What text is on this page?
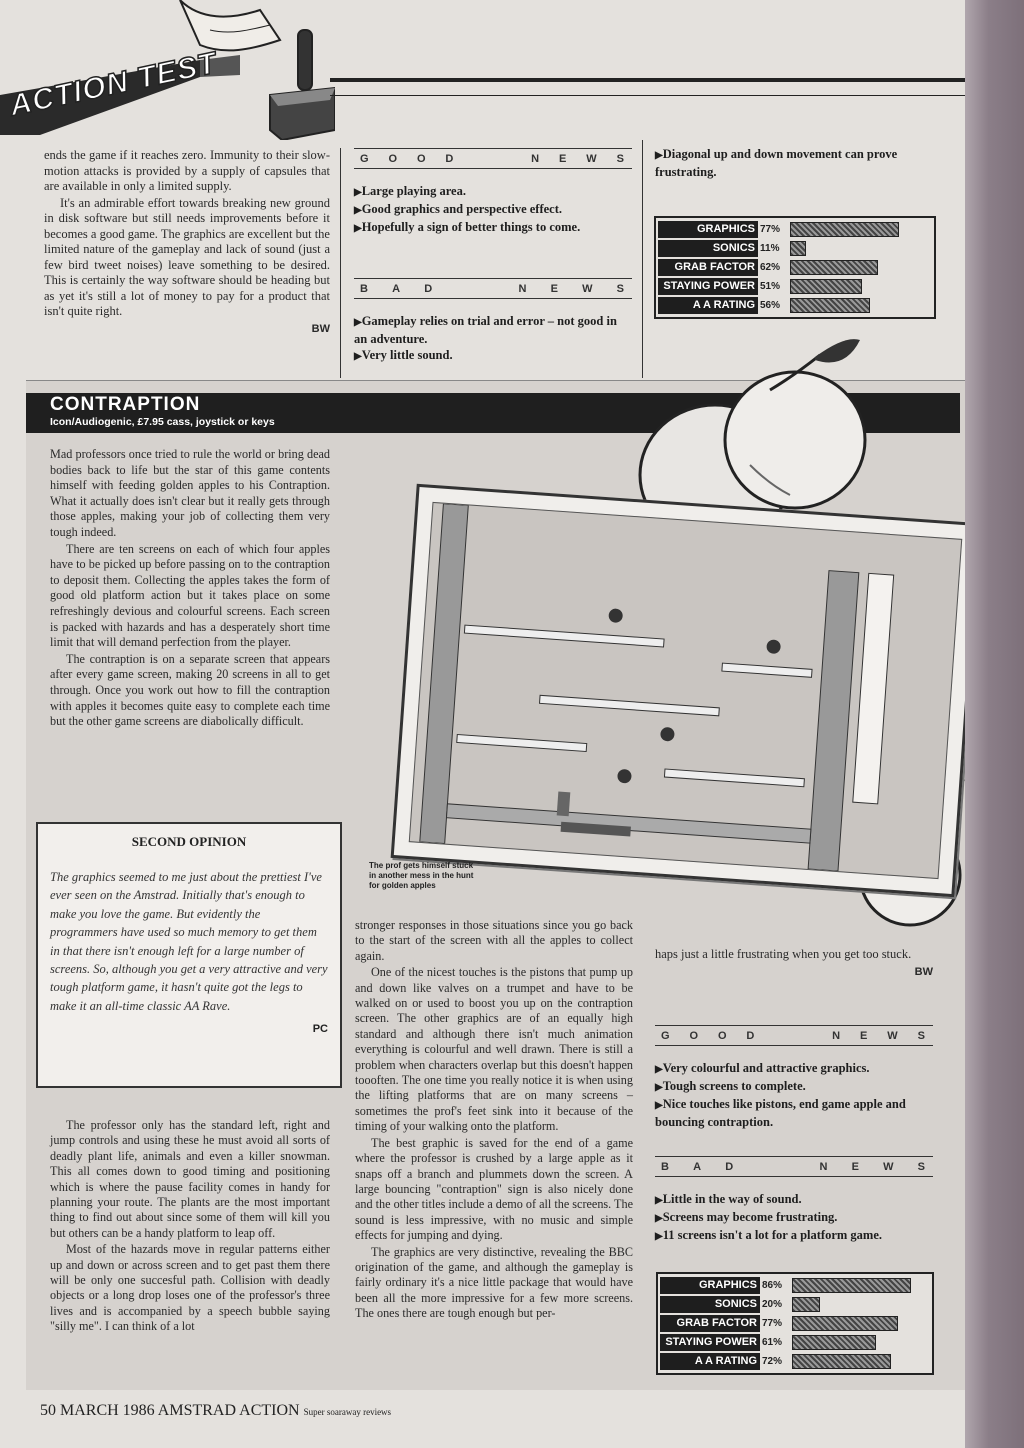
ACTION TEST

ends the game if it reaches zero. Immunity to their slow-motion attacks is provided by a supply of capsules that are available in only a limited supply.

It's an admirable effort towards breaking new ground in disk software but still needs improvements before it becomes a good game. The graphics are excellent but the limited nature of the gameplay and lack of sound (just a few bird tweet noises) leave something to be desired. This is certainly the way software should be heading but as yet it's still a lot of money to pay for a product that isn't quite right.

BW
G O O D	N E W S
▶ Large playing area.
▶ Good graphics and perspective effect.
▶ Hopefully a sign of better things to come.
B A D	N E W S
▶ Gameplay relies on trial and error – not good in an adventure.
▶ Very little sound.
▶ Diagonal up and down movement can prove frustrating.
GRAPHICS 77%
SONICS 11%
GRAB FACTOR 62%
STAYING POWER 51%
A A RATING 56%
CONTRAPTION
Icon/Audiogenic, £7.95 cass, joystick or keys

Mad professors once tried to rule the world or bring dead bodies back to life but the star of this game contents himself with feeding golden apples to his Contraption. What it actually does isn't clear but it really gets through those apples, making your job of collecting them very tough indeed.

There are ten screens on each of which four apples have to be picked up before passing on to the contraption to deposit them. Collecting the apples takes the form of good old platform action but it takes place on some refreshingly devious and colourful screens. Each screen is packed with hazards and has a desperately short time limit that will demand perfection from the player.

The contraption is on a separate screen that appears after every game screen, making 20 screens in all to get through. Once you work out how to fill the contraption with apples it becomes quite easy to complete each time but the other game screens are diabolically difficult.

The prof gets himself stuck in another mess in the hunt for golden apples
SECOND OPINION
The graphics seemed to me just about the prettiest I've ever seen on the Amstrad. Initially that's enough to make you love the game. But evidently the programmers have used so much memory to get them in that there isn't enough left for a large number of screens. So, although you get a very attractive and very tough platform game, it hasn't quite got the legs to make it an all-time classic AA Rave.
PC

The professor only has the standard left, right and jump controls and using these he must avoid all sorts of deadly plant life, animals and even a killer snowman. This all comes down to good timing and positioning which is where the pause facility comes in handy for planning your route. The plants are the most important thing to find out about since some of them will kill you but others can be a handy platform to leap off.

Most of the hazards move in regular patterns either up and down or across screen and to get past them there will be only one succesful path. Collision with deadly objects or a long drop loses one of the professor's three lives and is accompanied by a speech bubble saying "silly me". I can think of a lot

stronger responses in those situations since you go back to the start of the screen with all the apples to collect again.

One of the nicest touches is the pistons that pump up and down like valves on a trumpet and have to be walked on or used to boost you up on the contraption screen. The other graphics are of an equally high standard and although there isn't much animation everything is colourful and well drawn. There is still a problem when characters overlap but this doesn't happen toooften. The one time you really notice it is when using the lifting platforms that are on many screens – sometimes the prof's feet sink into it because of the timing of your walking onto the platform.

The best graphic is saved for the end of a game where the professor is crushed by a large apple as it snaps off a branch and plummets down the screen. A large bouncing "contraption" sign is also nicely done and the other titles include a demo of all the screens. The sound is less impressive, with no music and simple effects for jumping and dying.

The graphics are very distinctive, revealing the BBC origination of the game, and although the gameplay is fairly ordinary it's a nice little package that would have been all the more impressive for a few more screens. The ones there are tough enough but per-

haps just a little frustrating when you get too stuck.

BW
G O O D	N E W S
▶ Very colourful and attractive graphics.
▶ Tough screens to complete.
▶ Nice touches like pistons, end game apple and bouncing contraption.
B A D	N E W S
▶ Little in the way of sound.
▶ Screens may become frustrating.
▶ 11 screens isn't a lot for a platform game.
GRAPHICS 86%
SONICS 20%
GRAB FACTOR 77%
STAYING POWER 61%
A A RATING 72%
50 MARCH 1986 AMSTRAD ACTION Super soaraway reviews
